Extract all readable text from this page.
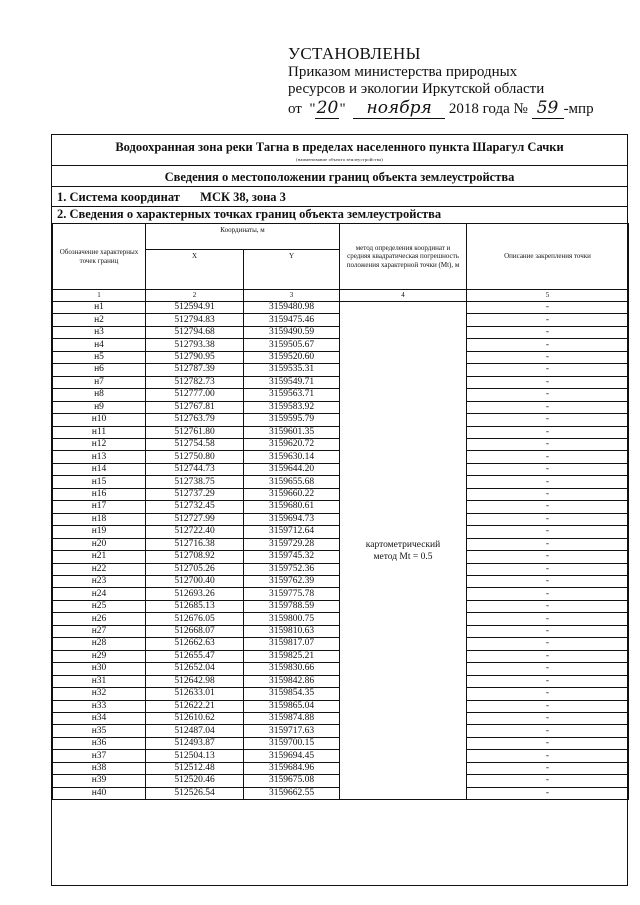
УСТАНОВЛЕНЫ
Приказом министерства природных
ресурсов и экологии Иркутской области
от  "20"  ноября 2018 года № 59 -мпр
Водоохранная зона реки Тагна в пределах населенного пункта Шарагул Сачки
(наименование объекта землеустройства)
Сведения о местоположении границ объекта землеустройства
1. Система координат МСК 38, зона 3
2. Сведения о характерных точках границ объекта землеустройства
Обозначение характерных точек границ	Координаты, м		метод определения координат и средняя квадратическая погрешность положения характерной точки (Mt), м	Описание закрепления точки
	X	Y		
1	2	3	4	5
н1	512594.91	3159480.98	картометрический метод Mt = 0.5	-
н2	512794.83	3159475.46		-
н3	512794.68	3159490.59		-
н4	512793.38	3159505.67		-
н5	512790.95	3159520.60		-
н6	512787.39	3159535.31		-
н7	512782.73	3159549.71		-
н8	512777.00	3159563.71		-
н9	512767.81	3159583.92		-
н10	512763.79	3159595.79		-
н11	512761.80	3159601.35		-
н12	512754.58	3159620.72		-
н13	512750.80	3159630.14		-
н14	512744.73	3159644.20		-
н15	512738.75	3159655.68		-
н16	512737.29	3159660.22		-
н17	512732.45	3159680.61		-
н18	512727.99	3159694.73		-
н19	512722.40	3159712.64		-
н20	512716.38	3159729.28		-
н21	512708.92	3159745.32		-
н22	512705.26	3159752.36		-
н23	512700.40	3159762.39		-
н24	512693.26	3159775.78		-
н25	512685.13	3159788.59		-
н26	512676.05	3159800.75		-
н27	512668.07	3159810.63		-
н28	512662.63	3159817.07		-
н29	512655.47	3159825.21		-
н30	512652.04	3159830.66		-
н31	512642.98	3159842.86		-
н32	512633.01	3159854.35		-
н33	512622.21	3159865.04		-
н34	512610.62	3159874.88		-
н35	512487.04	3159717.63		-
н36	512493.87	3159700.15		-
н37	512504.13	3159694.45		-
н38	512512.48	3159684.96		-
н39	512520.46	3159675.08		-
н40	512526.54	3159662.55		-
